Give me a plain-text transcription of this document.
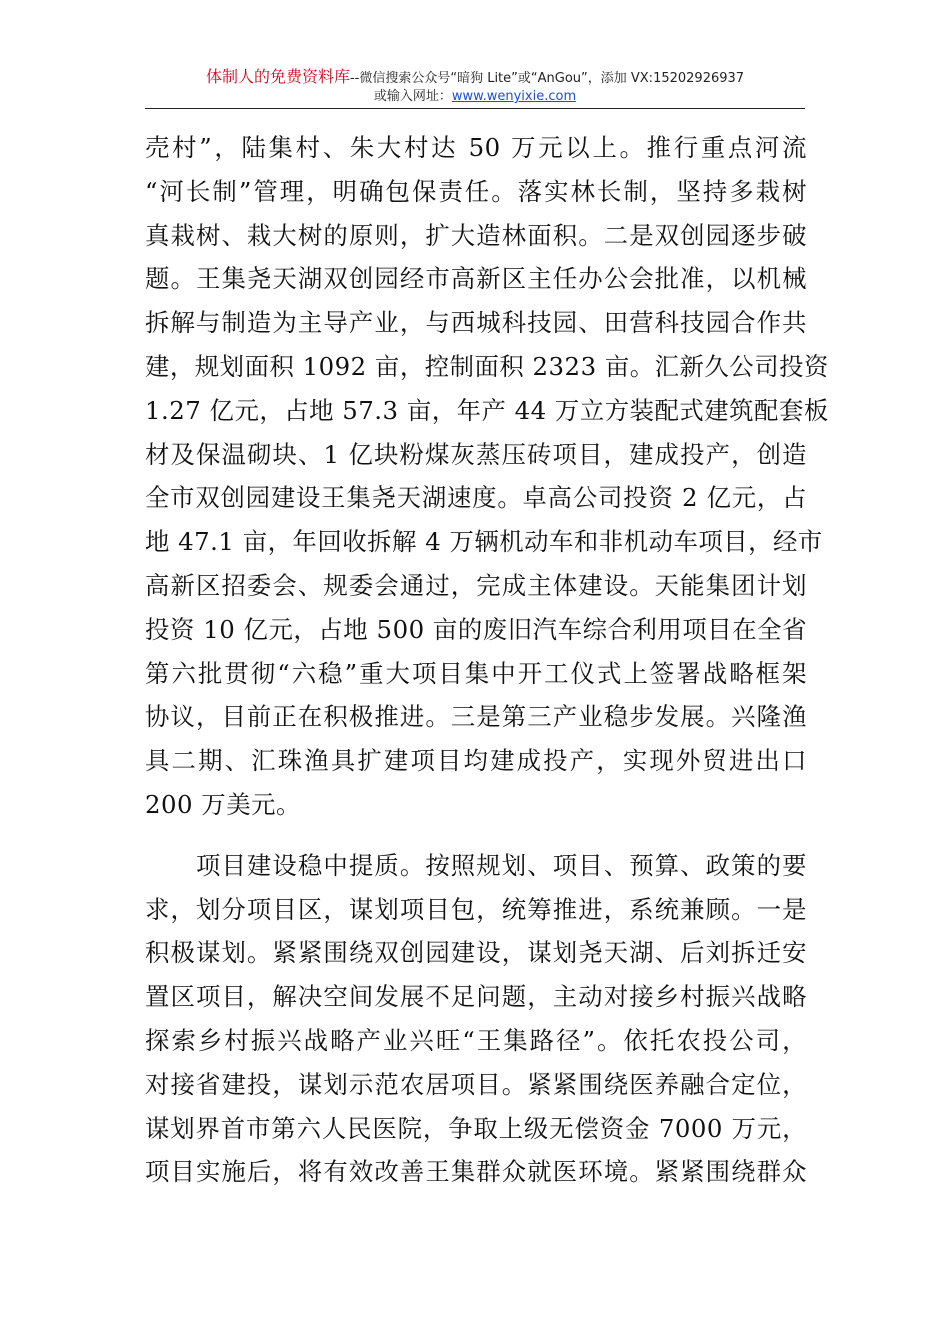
体制人的免费资料库--微信搜索公众号“暗狗 Lite”或“AnGou”，添加 VX:15202926937
或输入网址：www.wenyixie.com

売村”，陆集村、朱大村达 50 万元以上。推行重点河流
“河长制”管理，明确包保责任。落实林长制，坚持多栽树
真栽树、栽大树的原则，扩大造林面积。二是双创园逐步破
题。王集尧天湖双创园经市高新区主任办公会批准，以机械
拆解与制造为主导产业，与西城科技园、田营科技园合作共
建，规划面积 1092 亩，控制面积 2323 亩。汇新久公司投资
1.27 亿元，占地 57.3 亩，年产 44 万立方装配式建筑配套板
材及保温砌块、1 亿块粉煤灰蒸压砖项目，建成投产，创造
全市双创园建设王集尧天湖速度。卓高公司投资 2 亿元，占
地 47.1 亩，年回收拆解 4 万辆机动车和非机动车项目，经市
高新区招委会、规委会通过，完成主体建设。天能集团计划
投资 10 亿元，占地 500 亩的废旧汽车综合利用项目在全省
第六批贯彻“六稳”重大项目集中开工仪式上签署战略框架
协议，目前正在积极推进。三是第三产业稳步发展。兴隆渔
具二期、汇珠渔具扩建项目均建成投产，实现外贸进出口
200 万美元。

　　项目建设稳中提质。按照规划、项目、预算、政策的要
求，划分项目区，谋划项目包，统筹推进，系统兼顾。一是
积极谋划。紧紧围绕双创园建设，谋划尧天湖、后刘拆迁安
置区项目，解决空间发展不足问题，主动对接乡村振兴战略
探索乡村振兴战略产业兴旺“王集路径”。依托农投公司，
对接省建投，谋划示范农居项目。紧紧围绕医养融合定位，
谋划界首市第六人民医院，争取上级无偿资金 7000 万元，
项目实施后，将有效改善王集群众就医环境。紧紧围绕群众
